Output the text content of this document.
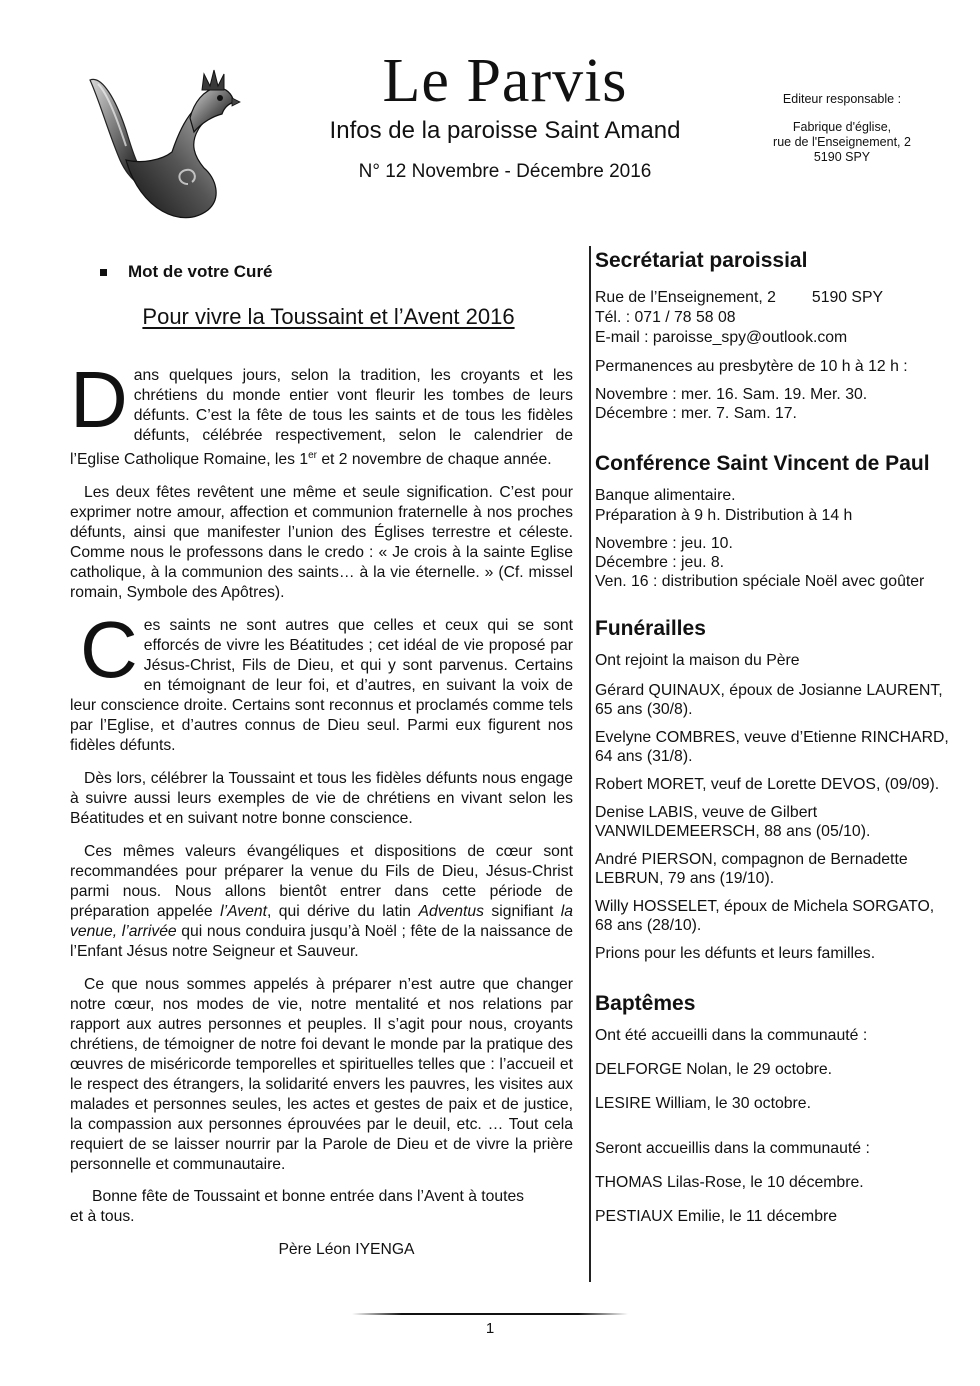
Le Parvis
Infos de la paroisse Saint Amand
N° 12 Novembre - Décembre 2016
Editeur responsable :
Fabrique d'église,
rue de l'Enseignement, 2
5190 SPY
Mot de votre Curé
Pour vivre la Toussaint et l’Avent 2016

Dans quelques jours, selon la tradition, les croyants et les chrétiens du monde entier vont fleurir les tombes de leurs défunts. C’est la fête de tous les saints et de tous les fidèles défunts, célébrée respectivement, selon le calendrier de l’Eglise Catholique Romaine, les 1er et 2 novembre de chaque année.

Les deux fêtes revêtent une même et seule signification. C’est pour exprimer notre amour, affection et communion fraternelle à nos proches défunts, ainsi que manifester l’union des Églises terrestre et céleste. Comme nous le professons dans le credo : « Je crois à la sainte Eglise catholique, à la communion des saints… à la vie éternelle. » (Cf. missel romain, Symbole des Apôtres).

Ces saints ne sont autres que celles et ceux qui se sont efforcés de vivre les Béatitudes ; cet idéal de vie proposé par Jésus-Christ, Fils de Dieu, et qui y sont parvenus. Certains en témoignant de leur foi, et d’autres, en suivant la voix de leur conscience droite. Certains sont reconnus et proclamés comme tels par l’Eglise, et d’autres connus de Dieu seul. Parmi eux figurent nos fidèles défunts.

Dès lors, célébrer la Toussaint et tous les fidèles défunts nous engage à suivre aussi leurs exemples de vie de chrétiens en vivant selon les Béatitudes et en suivant notre bonne conscience.

Ces mêmes valeurs évangéliques et dispositions de cœur sont recommandées pour préparer la venue du Fils de Dieu, Jésus-Christ parmi nous. Nous allons bientôt entrer dans cette période de préparation appelée l’Avent, qui dérive du latin Adventus signifiant la venue, l’arrivée qui nous conduira jusqu’à Noël ; fête de la naissance de l’Enfant Jésus notre Seigneur et Sauveur.

Ce que nous sommes appelés à préparer n’est autre que changer notre cœur, nos modes de vie, notre mentalité et nos relations par rapport aux autres personnes et peuples. Il s’agit pour nous, croyants chrétiens, de témoigner de notre foi devant le monde par la pratique des œuvres de miséricorde temporelles et spirituelles telles que : l’accueil et le respect des étrangers, la solidarité envers les pauvres, les visites aux malades et personnes seules, les actes et gestes de paix et de justice, la compassion aux personnes éprouvées par le deuil, etc. … Tout cela requiert de se laisser nourrir par la Parole de Dieu et de vivre la prière personnelle et communautaire.

Bonne fête de Toussaint et bonne entrée dans l’Avent à toutes
et à tous.

Père Léon IYENGA
Secrétariat paroissial

Rue de l’Enseignement, 2 5190 SPY

Tél. : 071 / 78 58 08

E-mail : paroisse_spy@outlook.com

Permanences au presbytère de 10 h à 12 h :

Novembre : mer. 16. Sam. 19. Mer. 30.

Décembre : mer. 7. Sam. 17.

Conférence Saint Vincent de Paul

Banque alimentaire.

Préparation à 9 h. Distribution à 14 h

Novembre : jeu. 10.

Décembre : jeu. 8.

Ven. 16 : distribution spéciale Noël avec goûter

Funérailles

Ont rejoint la maison du Père

Gérard QUINAUX, époux de Josianne LAURENT, 65 ans (30/8).

Evelyne COMBRES, veuve d’Etienne RINCHARD, 64 ans (31/8).

Robert MORET, veuf de Lorette DEVOS, (09/09).

Denise LABIS, veuve de Gilbert VANWILDEMEERSCH, 88 ans (05/10).

André PIERSON, compagnon de Bernadette LEBRUN, 79 ans (19/10).

Willy HOSSELET, époux de Michela SORGATO, 68 ans (28/10).

Prions pour les défunts et leurs familles.

Baptêmes

Ont été accueilli dans la communauté :

DELFORGE Nolan, le 29 octobre.

LESIRE William, le 30 octobre.

Seront accueillis dans la communauté :

THOMAS Lilas-Rose, le 10 décembre.

PESTIAUX Emilie, le 11 décembre

1
